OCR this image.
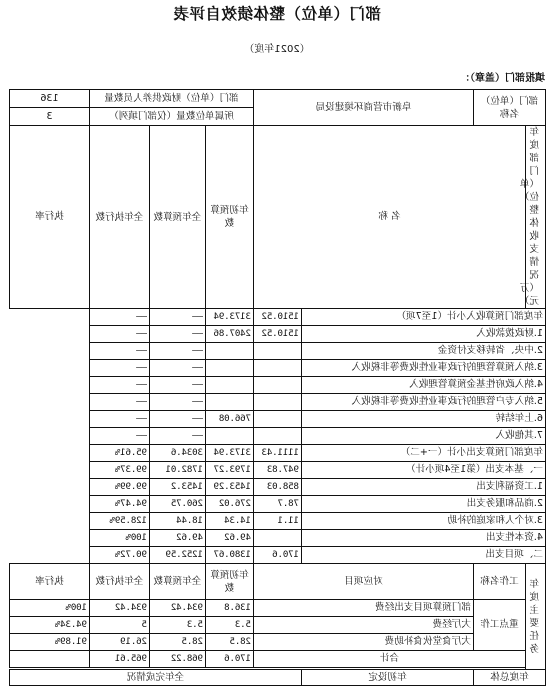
部门（单位）整体绩效自评表
（2021年度）
填报部门（盖章）：
部门（单位）名称		阜新市营商环境建设局		部门（单位）财政供养人员数量			136
				所属单位数量（仅部门填列）			3
年度部门（单位）整体收支情况（万元）	名 称			年初预算数	全年预算数	全年执行数	执行率
年度部门预算收入小计（1至7项）			1510.52	3173.94	——	——	
1.财政拨款收入			1510.52	2407.86	——	——	
2.中央、省转移支付资金					——	——	
3.纳入预算管理的行政事业性收费等非税收入					——	——	
4.纳入政府性基金预算管理收入					——	——	
5.纳入专户管理的行政事业性收费等非税收入					——	——	
6.上年结转				766.08	——	——	
7.其他收入					——	——	
年度部门预算支出小计（一+二）			1111.43	3173.94	3034.6	95.61%	
一、基本支出（第1至4项小计）			947.83	1793.27	1782.01	99.37%	
1.工资福利支出			858.03	1453.29	1453.2	99.99%	
2.商品和服务支出			78.7	276.02	260.75	94.47%	
3.对个人和家庭的补助			11.1	14.34	18.44	128.59%	
4.资本性支出				49.62	49.62	100%	
二、项目支出			170.6	1380.67	1252.59	90.72%	
年度主要任务	工作名称	对应项目		年初预算数	全年预算数	全年执行数	执行率
	重点工作	部门预算项目支出经费		136.8	934.42	934.42	100%
		大厅经费		5.3	5.3	5	94.34%
		大厅食堂伙食补助费		28.5	28.5	26.19	91.89%
	合计			170.6	968.22	965.61	

年度总体		年初设定	全年完成情况				
